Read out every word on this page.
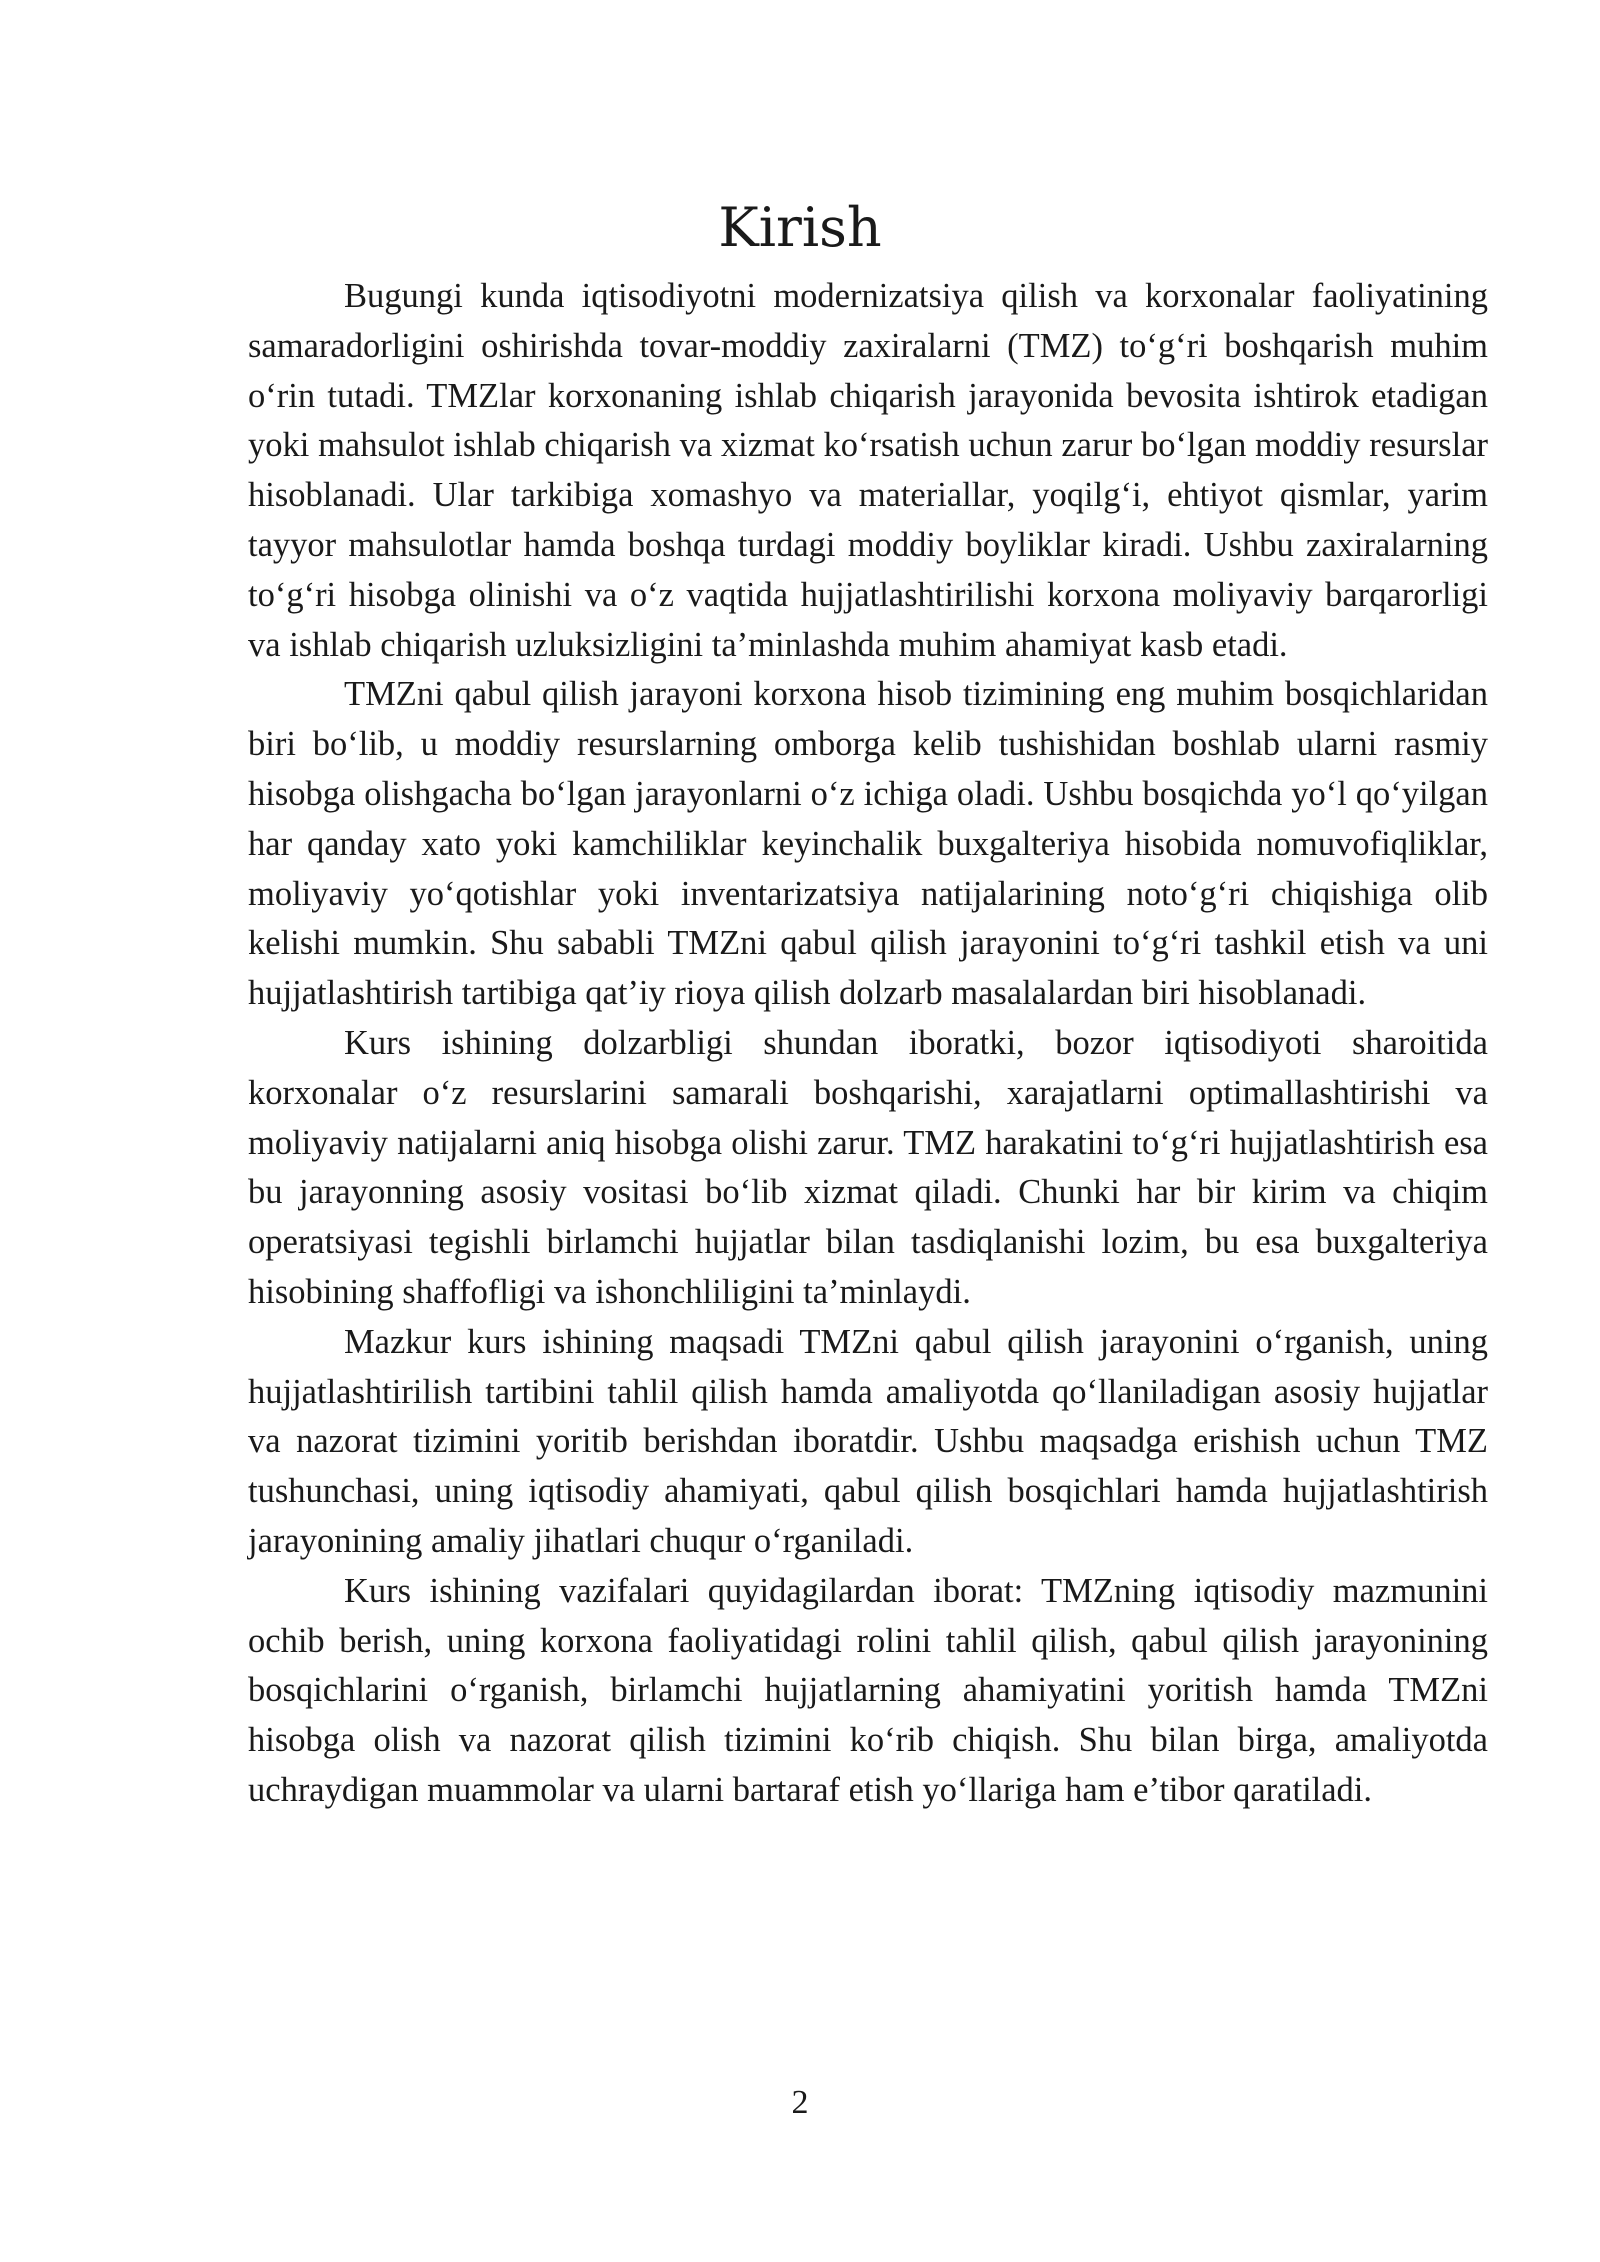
Kirish

Bugungi kunda iqtisodiyotni modernizatsiya qilish va korxonalar faoliyatining samaradorligini oshirishda tovar-moddiy zaxiralarni (TMZ) to‘g‘ri boshqarish muhim o‘rin tutadi. TMZlar korxonaning ishlab chiqarish jarayonida bevosita ishtirok etadigan yoki mahsulot ishlab chiqarish va xizmat ko‘rsatish uchun zarur bo‘lgan moddiy resurslar hisoblanadi. Ular tarkibiga xomashyo va materiallar, yoqilg‘i, ehtiyot qismlar, yarim tayyor mahsulotlar hamda boshqa turdagi moddiy boyliklar kiradi. Ushbu zaxiralarning to‘g‘ri hisobga olinishi va o‘z vaqtida hujjatlashtirilishi korxona moliyaviy barqarorligi va ishlab chiqarish uzluksizligini ta’minlashda muhim ahamiyat kasb etadi.

TMZni qabul qilish jarayoni korxona hisob tizimining eng muhim bosqichlaridan biri bo‘lib, u moddiy resurslarning omborga kelib tushishidan boshlab ularni rasmiy hisobga olishgacha bo‘lgan jarayonlarni o‘z ichiga oladi. Ushbu bosqichda yo‘l qo‘yilgan har qanday xato yoki kamchiliklar keyinchalik buxgalteriya hisobida nomuvofiqliklar, moliyaviy yo‘qotishlar yoki inventarizatsiya natijalarining noto‘g‘ri chiqishiga olib kelishi mumkin. Shu sababli TMZni qabul qilish jarayonini to‘g‘ri tashkil etish va uni hujjatlashtirish tartibiga qat’iy rioya qilish dolzarb masalalardan biri hisoblanadi.

Kurs ishining dolzarbligi shundan iboratki, bozor iqtisodiyoti sharoitida korxonalar o‘z resurslarini samarali boshqarishi, xarajatlarni optimallashtirishi va moliyaviy natijalarni aniq hisobga olishi zarur. TMZ harakatini to‘g‘ri hujjatlashtirish esa bu jarayonning asosiy vositasi bo‘lib xizmat qiladi. Chunki har bir kirim va chiqim operatsiyasi tegishli birlamchi hujjatlar bilan tasdiqlanishi lozim, bu esa buxgalteriya hisobining shaffofligi va ishonchliligini ta’minlaydi.

Mazkur kurs ishining maqsadi TMZni qabul qilish jarayonini o‘rganish, uning hujjatlashtirilish tartibini tahlil qilish hamda amaliyotda qo‘llaniladigan asosiy hujjatlar va nazorat tizimini yoritib berishdan iboratdir. Ushbu maqsadga erishish uchun TMZ tushunchasi, uning iqtisodiy ahamiyati, qabul qilish bosqichlari hamda hujjatlashtirish jarayonining amaliy jihatlari chuqur o‘rganiladi.

Kurs ishining vazifalari quyidagilardan iborat: TMZning iqtisodiy mazmunini ochib berish, uning korxona faoliyatidagi rolini tahlil qilish, qabul qilish jarayonining bosqichlarini o‘rganish, birlamchi hujjatlarning ahamiyatini yoritish hamda TMZni hisobga olish va nazorat qilish tizimini ko‘rib chiqish. Shu bilan birga, amaliyotda uchraydigan muammolar va ularni bartaraf etish yo‘llariga ham e’tibor qaratiladi.

2
